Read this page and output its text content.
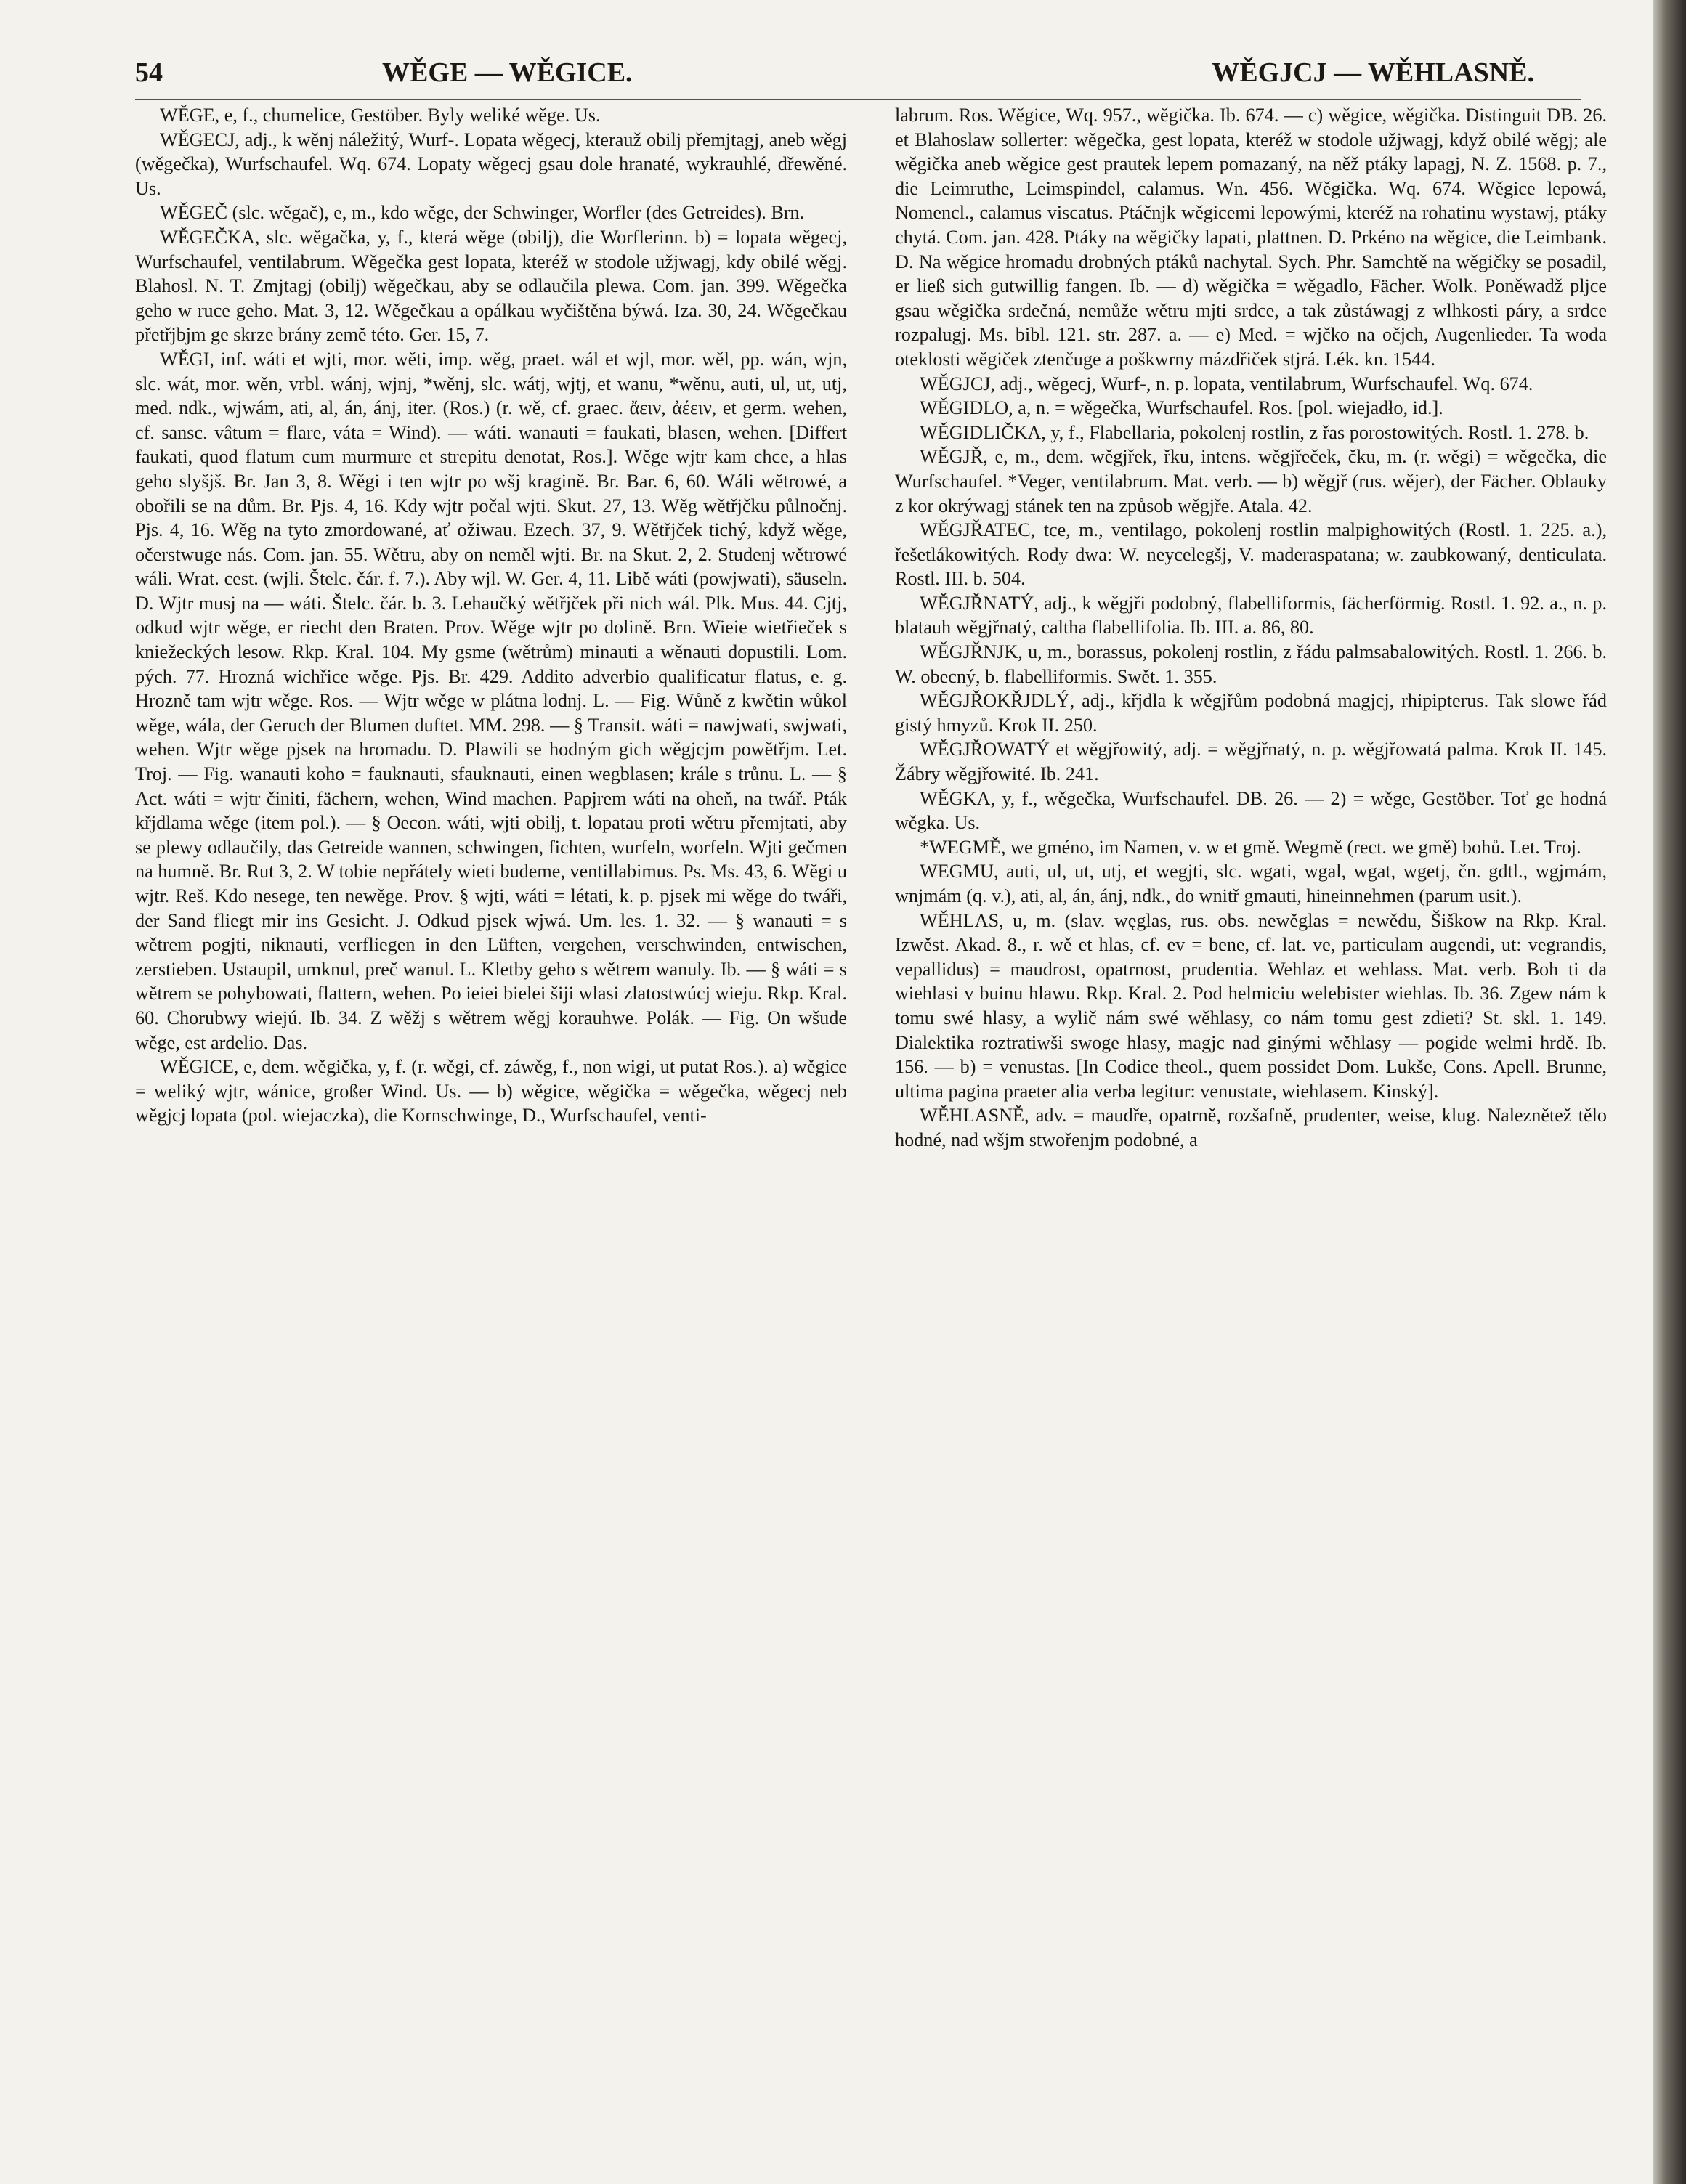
54	WĚGE — WĚGICE.	WĚGJCJ — WĚHLASNĚ.

WĚGE, e, f., chumelice, Gestöber. Byly weliké wěge. Us.

WĚGECJ, adj., k wěnj náležitý, Wurf-. Lopata wěgecj, kterauž obilj přemjtagj, aneb wěgj (wěgečka), Wurfschaufel. Wq. 674. Lopaty wěgecj gsau dole hranaté, wykrauhlé, dřewěné. Us.

WĚGEČ (slc. wěgač), e, m., kdo wěge, der Schwinger, Worfler (des Getreides). Brn.

WĚGEČKA, slc. wěgačka, y, f., která wěge (obilj), die Worflerinn. b) = lopata wěgecj, Wurfschaufel, ventilabrum. Wěgečka gest lopata, kteréž w stodole užjwagj, kdy obilé wěgj. Blahosl. N. T. Zmjtagj (obilj) wěgečkau, aby se odlaučila plewa. Com. jan. 399. Wěgečka geho w ruce geho. Mat. 3, 12. Wěgečkau a opálkau wyčištěna býwá. Iza. 30, 24. Wěgečkau přetřjbjm ge skrze brány země této. Ger. 15, 7.

WĚGI, inf. wáti et wjti, mor. wěti, imp. wěg, praet. wál et wjl, mor. wěl, pp. wán, wjn, slc. wát, mor. wěn, vrbl. wánj, wjnj, *wěnj, slc. wátj, wjtj, et wanu, *wěnu, auti, ul, ut, utj, med. ndk., wjwám, ati, al, án, ánj, iter. (Ros.) (r. wě, cf. graec. ἄειν, ἀέειν, et germ. wehen, cf. sansc. vâtum = flare, váta = Wind). — wáti. wanauti = faukati, blasen, wehen. [Differt faukati, quod flatum cum murmure et strepitu denotat, Ros.]. Wěge wjtr kam chce, a hlas geho slyšjš. Br. Jan 3, 8. Wěgi i ten wjtr po wšj kragině. Br. Bar. 6, 60. Wáli wětrowé, a obořili se na dům. Br. Pjs. 4, 16. Kdy wjtr počal wjti. Skut. 27, 13. Wěg wětřjčku půlnočnj. Pjs. 4, 16. Wěg na tyto zmordowané, ať ožiwau. Ezech. 37, 9. Wětřjček tichý, když wěge, očerstwuge nás. Com. jan. 55. Wětru, aby on neměl wjti. Br. na Skut. 2, 2. Studenj wětrowé wáli. Wrat. cest. (wjli. Štelc. čár. f. 7.). Aby wjl. W. Ger. 4, 11. Libě wáti (powjwati), säuseln. D. Wjtr musj na — wáti. Štelc. čár. b. 3. Lehaučký wětřjček při nich wál. Plk. Mus. 44. Cjtj, odkud wjtr wěge, er riecht den Braten. Prov. Wěge wjtr po dolině. Brn. Wieie wietřieček s kniežeckých lesow. Rkp. Kral. 104. My gsme (wětrům) minauti a wěnauti dopustili. Lom. pých. 77. Hrozná wichřice wěge. Pjs. Br. 429. Addito adverbio qualificatur flatus, e. g. Hrozně tam wjtr wěge. Ros. — Wjtr wěge w plátna lodnj. L. — Fig. Wůně z kwětin wůkol wěge, wála, der Geruch der Blumen duftet. MM. 298. — § Transit. wáti = nawjwati, swjwati, wehen. Wjtr wěge pjsek na hromadu. D. Plawili se hodným gich wěgjcjm powětřjm. Let. Troj. — Fig. wanauti koho = fauknauti, sfauknauti, einen wegblasen; krále s trůnu. L. — § Act. wáti = wjtr činiti, fächern, wehen, Wind machen. Papjrem wáti na oheň, na twář. Pták křjdlama wěge (item pol.). — § Oecon. wáti, wjti obilj, t. lopatau proti wětru přemjtati, aby se plewy odlaučily, das Getreide wannen, schwingen, fichten, wurfeln, worfeln. Wjti gečmen na humně. Br. Rut 3, 2. W tobie nepřátely wieti budeme, ventillabimus. Ps. Ms. 43, 6. Wěgi u wjtr. Reš. Kdo nesege, ten newěge. Prov. § wjti, wáti = létati, k. p. pjsek mi wěge do twáři, der Sand fliegt mir ins Gesicht. J. Odkud pjsek wjwá. Um. les. 1. 32. — § wanauti = s wětrem pogjti, niknauti, verfliegen in den Lüften, vergehen, verschwinden, entwischen, zerstieben. Ustaupil, umknul, preč wanul. L. Kletby geho s wětrem wanuly. Ib. — § wáti = s wětrem se pohybowati, flattern, wehen. Po ieiei bielei šiji wlasi zlatostwúcj wieju. Rkp. Kral. 60. Chorubwy wiejú. Ib. 34. Z wěžj s wětrem wěgj korauhwe. Polák. — Fig. On wšude wěge, est ardelio. Das.

WĚGICE, e, dem. wěgička, y, f. (r. wěgi, cf. záwěg, f., non wigi, ut putat Ros.). a) wěgice = weliký wjtr, wánice, großer Wind. Us. — b) wěgice, wěgička = wěgečka, wěgecj neb wěgjcj lopata (pol. wiejaczka), die Kornschwinge, D., Wurfschaufel, venti-

labrum. Ros. Wěgice, Wq. 957., wěgička. Ib. 674. — c) wěgice, wěgička. Distinguit DB. 26. et Blahoslaw sollerter: wěgečka, gest lopata, kteréž w stodole užjwagj, když obilé wěgj; ale wěgička aneb wěgice gest prautek lepem pomazaný, na něž ptáky lapagj, N. Z. 1568. p. 7., die Leimruthe, Leimspindel, calamus. Wn. 456. Wěgička. Wq. 674. Wěgice lepowá, Nomencl., calamus viscatus. Ptáčnjk wěgicemi lepowými, kteréž na rohatinu wystawj, ptáky chytá. Com. jan. 428. Ptáky na wěgičky lapati, plattnen. D. Prkéno na wěgice, die Leimbank. D. Na wěgice hromadu drobných ptáků nachytal. Sych. Phr. Samchtě na wěgičky se posadil, er ließ sich gutwillig fangen. Ib. — d) wěgička = wěgadlo, Fächer. Wolk. Poněwadž pljce gsau wěgička srdečná, nemůže wětru mjti srdce, a tak zůstáwagj z wlhkosti páry, a srdce rozpalugj. Ms. bibl. 121. str. 287. a. — e) Med. = wjčko na očjch, Augenlieder. Ta woda oteklosti wěgiček ztenčuge a poškwrny mázdřiček stjrá. Lék. kn. 1544.

WĚGJCJ, adj., wěgecj, Wurf-, n. p. lopata, ventilabrum, Wurfschaufel. Wq. 674.

WĚGIDLO, a, n. = wěgečka, Wurfschaufel. Ros. [pol. wiejadło, id.].

WĚGIDLIČKA, y, f., Flabellaria, pokolenj rostlin, z řas porostowitých. Rostl. 1. 278. b.

WĚGJŘ, e, m., dem. wěgjřek, řku, intens. wěgjřeček, čku, m. (r. wěgi) = wěgečka, die Wurfschaufel. *Veger, ventilabrum. Mat. verb. — b) wěgjř (rus. wějer), der Fächer. Oblauky z kor okrýwagj stánek ten na způsob wěgjře. Atala. 42.

WĚGJŘATEC, tce, m., ventilago, pokolenj rostlin malpighowitých (Rostl. 1. 225. a.), řešetlákowitých. Rody dwa: W. neycelegšj, V. maderaspatana; w. zaubkowaný, denticulata. Rostl. III. b. 504.

WĚGJŘNATÝ, adj., k wěgjři podobný, flabelliformis, fächerförmig. Rostl. 1. 92. a., n. p. blatauh wěgjřnatý, caltha flabellifolia. Ib. III. a. 86, 80.

WĚGJŘNJK, u, m., borassus, pokolenj rostlin, z řádu palmsabalowitých. Rostl. 1. 266. b. W. obecný, b. flabelliformis. Swět. 1. 355.

WĚGJŘOKŘJDLÝ, adj., křjdla k wěgjřům podobná magjcj, rhipipterus. Tak slowe řád gistý hmyzů. Krok II. 250.

WĚGJŘOWATÝ et wěgjřowitý, adj. = wěgjřnatý, n. p. wěgjřowatá palma. Krok II. 145. Žábry wěgjřowité. Ib. 241.

WĚGKA, y, f., wěgečka, Wurfschaufel. DB. 26. — 2) = wěge, Gestöber. Toť ge hodná wěgka. Us.

*WEGMĚ, we gméno, im Namen, v. w et gmě. Wegmě (rect. we gmě) bohů. Let. Troj.

WEGMU, auti, ul, ut, utj, et wegjti, slc. wgati, wgal, wgat, wgetj, čn. gdtl., wgjmám, wnjmám (q. v.), ati, al, án, ánj, ndk., do wnitř gmauti, hineinnehmen (parum usit.).

WĚHLAS, u, m. (slav. węglas, rus. obs. newěglas = newědu, Šiškow na Rkp. Kral. Izwěst. Akad. 8., r. wě et hlas, cf. ev = bene, cf. lat. ve, particulam augendi, ut: vegrandis, vepallidus) = maudrost, opatrnost, prudentia. Wehlaz et wehlass. Mat. verb. Boh ti da wiehlasi v buinu hlawu. Rkp. Kral. 2. Pod helmiciu welebister wiehlas. Ib. 36. Zgew nám k tomu swé hlasy, a wylič nám swé wěhlasy, co nám tomu gest zdieti? St. skl. 1. 149. Dialektika roztratiwši swoge hlasy, magjc nad ginými wěhlasy — pogide welmi hrdě. Ib. 156. — b) = venustas. [In Codice theol., quem possidet Dom. Lukše, Cons. Apell. Brunne, ultima pagina praeter alia verba legitur: venustate, wiehlasem. Kinský].

WĚHLASNĚ, adv. = maudře, opatrně, rozšafně, prudenter, weise, klug. Naleznětež tělo hodné, nad wšjm stwořenjm podobné, a
